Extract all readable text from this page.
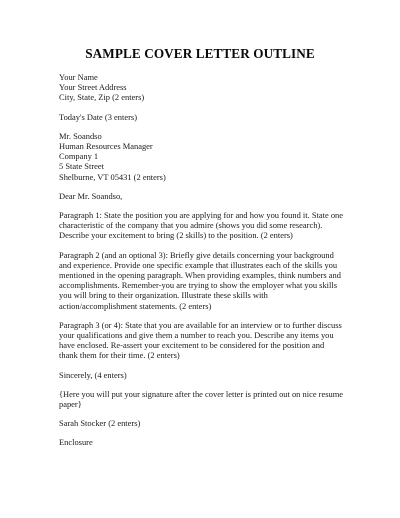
SAMPLE COVER LETTER OUTLINE
Your Name
Your Street Address
City, State, Zip (2 enters)
Today's Date (3 enters)
Mr. Soandso
Human Resources Manager
Company 1
5 State Street
Shelburne, VT 05431 (2 enters)
Dear Mr. Soandso,
Paragraph 1: State the position you are applying for and how you found it. State one
characteristic of the company that you admire (shows you did some research).
Describe your excitement to bring (2 skills) to the position. (2 enters)
Paragraph 2 (and an optional 3): Briefly give details concerning your background
and experience. Provide one specific example that illustrates each of the skills you
mentioned in the opening paragraph. When providing examples, think numbers and
accomplishments. Remember-you are trying to show the employer what you skills
you will bring to their organization. Illustrate these skills with
action/accomplishment statements. (2 enters)
Paragraph 3 (or 4): State that you are available for an interview or to further discuss
your qualifications and give them a number to reach you. Describe any items you
have enclosed. Re-assert your excitement to be considered for the position and
thank them for their time. (2 enters)
Sincerely, (4 enters)
{Here you will put your signature after the cover letter is printed out on nice resume
paper}
Sarah Stocker (2 enters)
Enclosure
